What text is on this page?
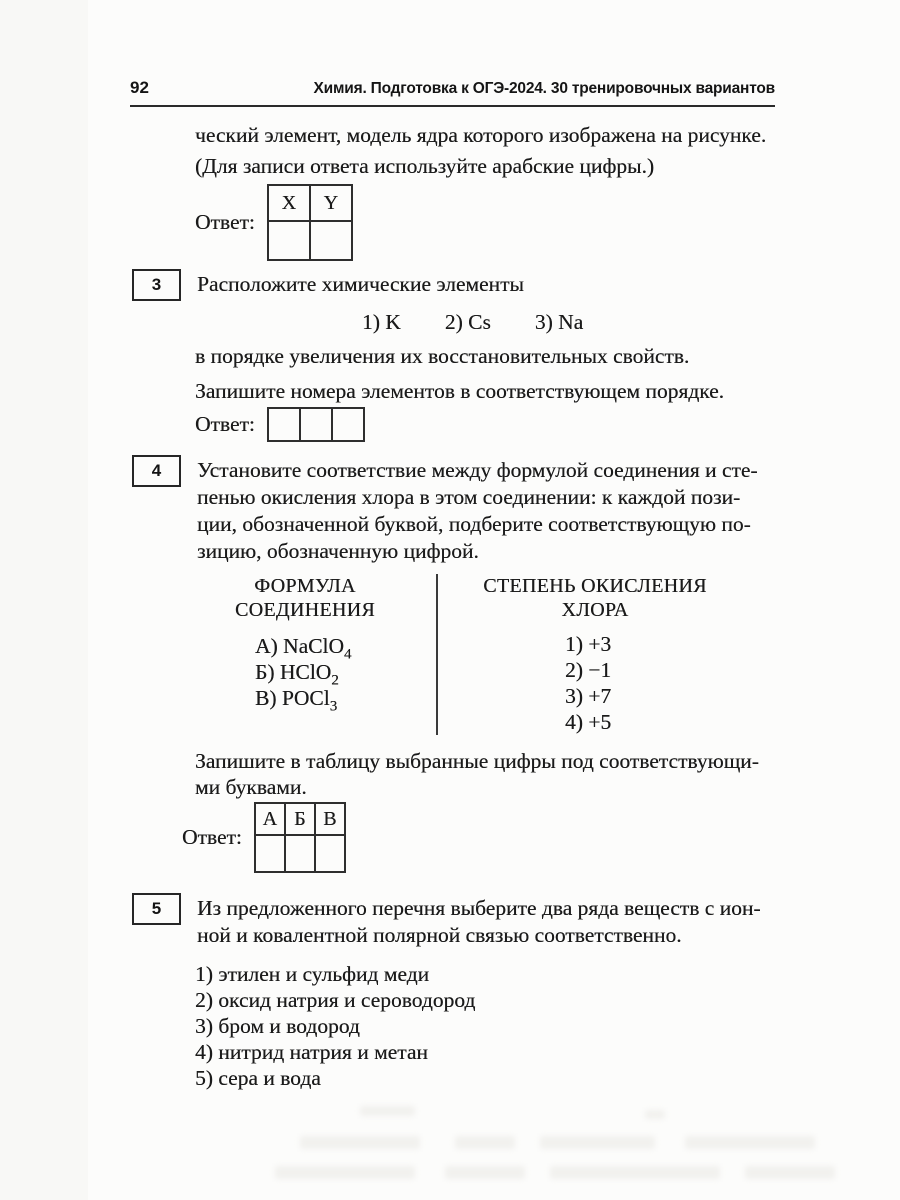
92	Химия. Подготовка к ОГЭ-2024. 30 тренировочных вариантов
ческий элемент, модель ядра которого изображена на рисунке.
(Для записи ответа используйте арабские цифры.)
Ответ:
X	Y

3	Расположите химические элементы
1) K 2) Cs 3) Na
в порядке увеличения их восстановительных свойств.
Запишите номера элементов в соответствующем порядке.
Ответ:

4	Установите соответствие между формулой соединения и сте-
пенью окисления хлора в этом соединении: к каждой пози-
ции, обозначенной буквой, подберите соответствующую по-
зицию, обозначенную цифрой.
ФОРМУЛА
СОЕДИНЕНИЯ
А) NaClO$_4$
Б) HClO$_2$
В) POCl$_3$
СТЕПЕНЬ ОКИСЛЕНИЯ
ХЛОРА
1) +3
2) −1
3) +7
4) +5
Запишите в таблицу выбранные цифры под соответствующи-
ми буквами.
Ответ:
А	Б	В

5	Из предложенного перечня выберите два ряда веществ с ион-
ной и ковалентной полярной связью соответственно.
1) этилен и сульфид меди
2) оксид натрия и сероводород
3) бром и водород
4) нитрид натрия и метан
5) сера и вода
